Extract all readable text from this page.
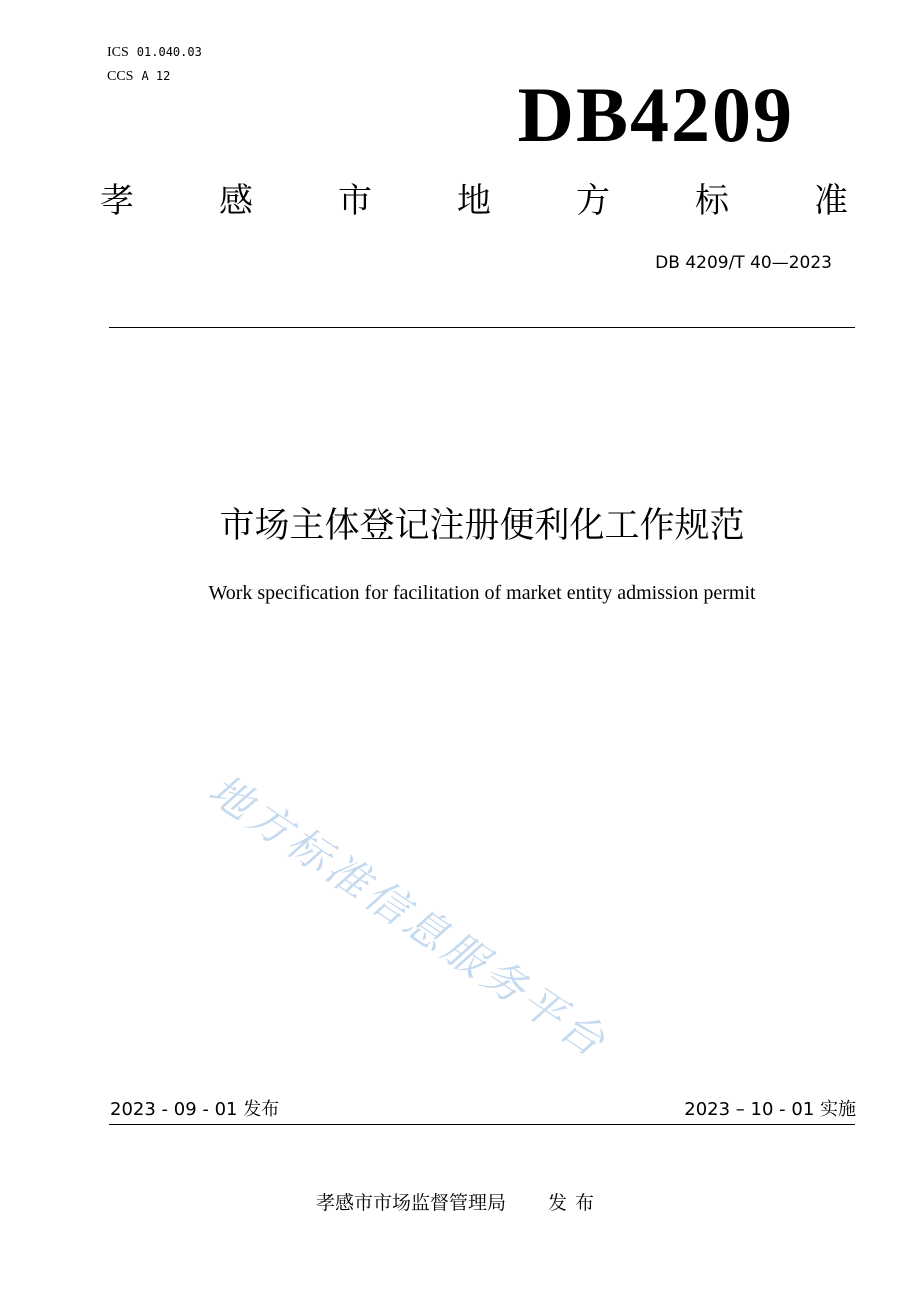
ICS 01.040.03
CCS A 12	DB4209
孝	感	市	地	方	标	准
DB 4209/T 40—2023
市场主体登记注册便利化工作规范
Work specification for facilitation of market entity admission permit
地方标准信息服务平台
2023 - 09 - 01 发布	2023 – 10 - 01 实施
孝感市市场监督管理局 发布
